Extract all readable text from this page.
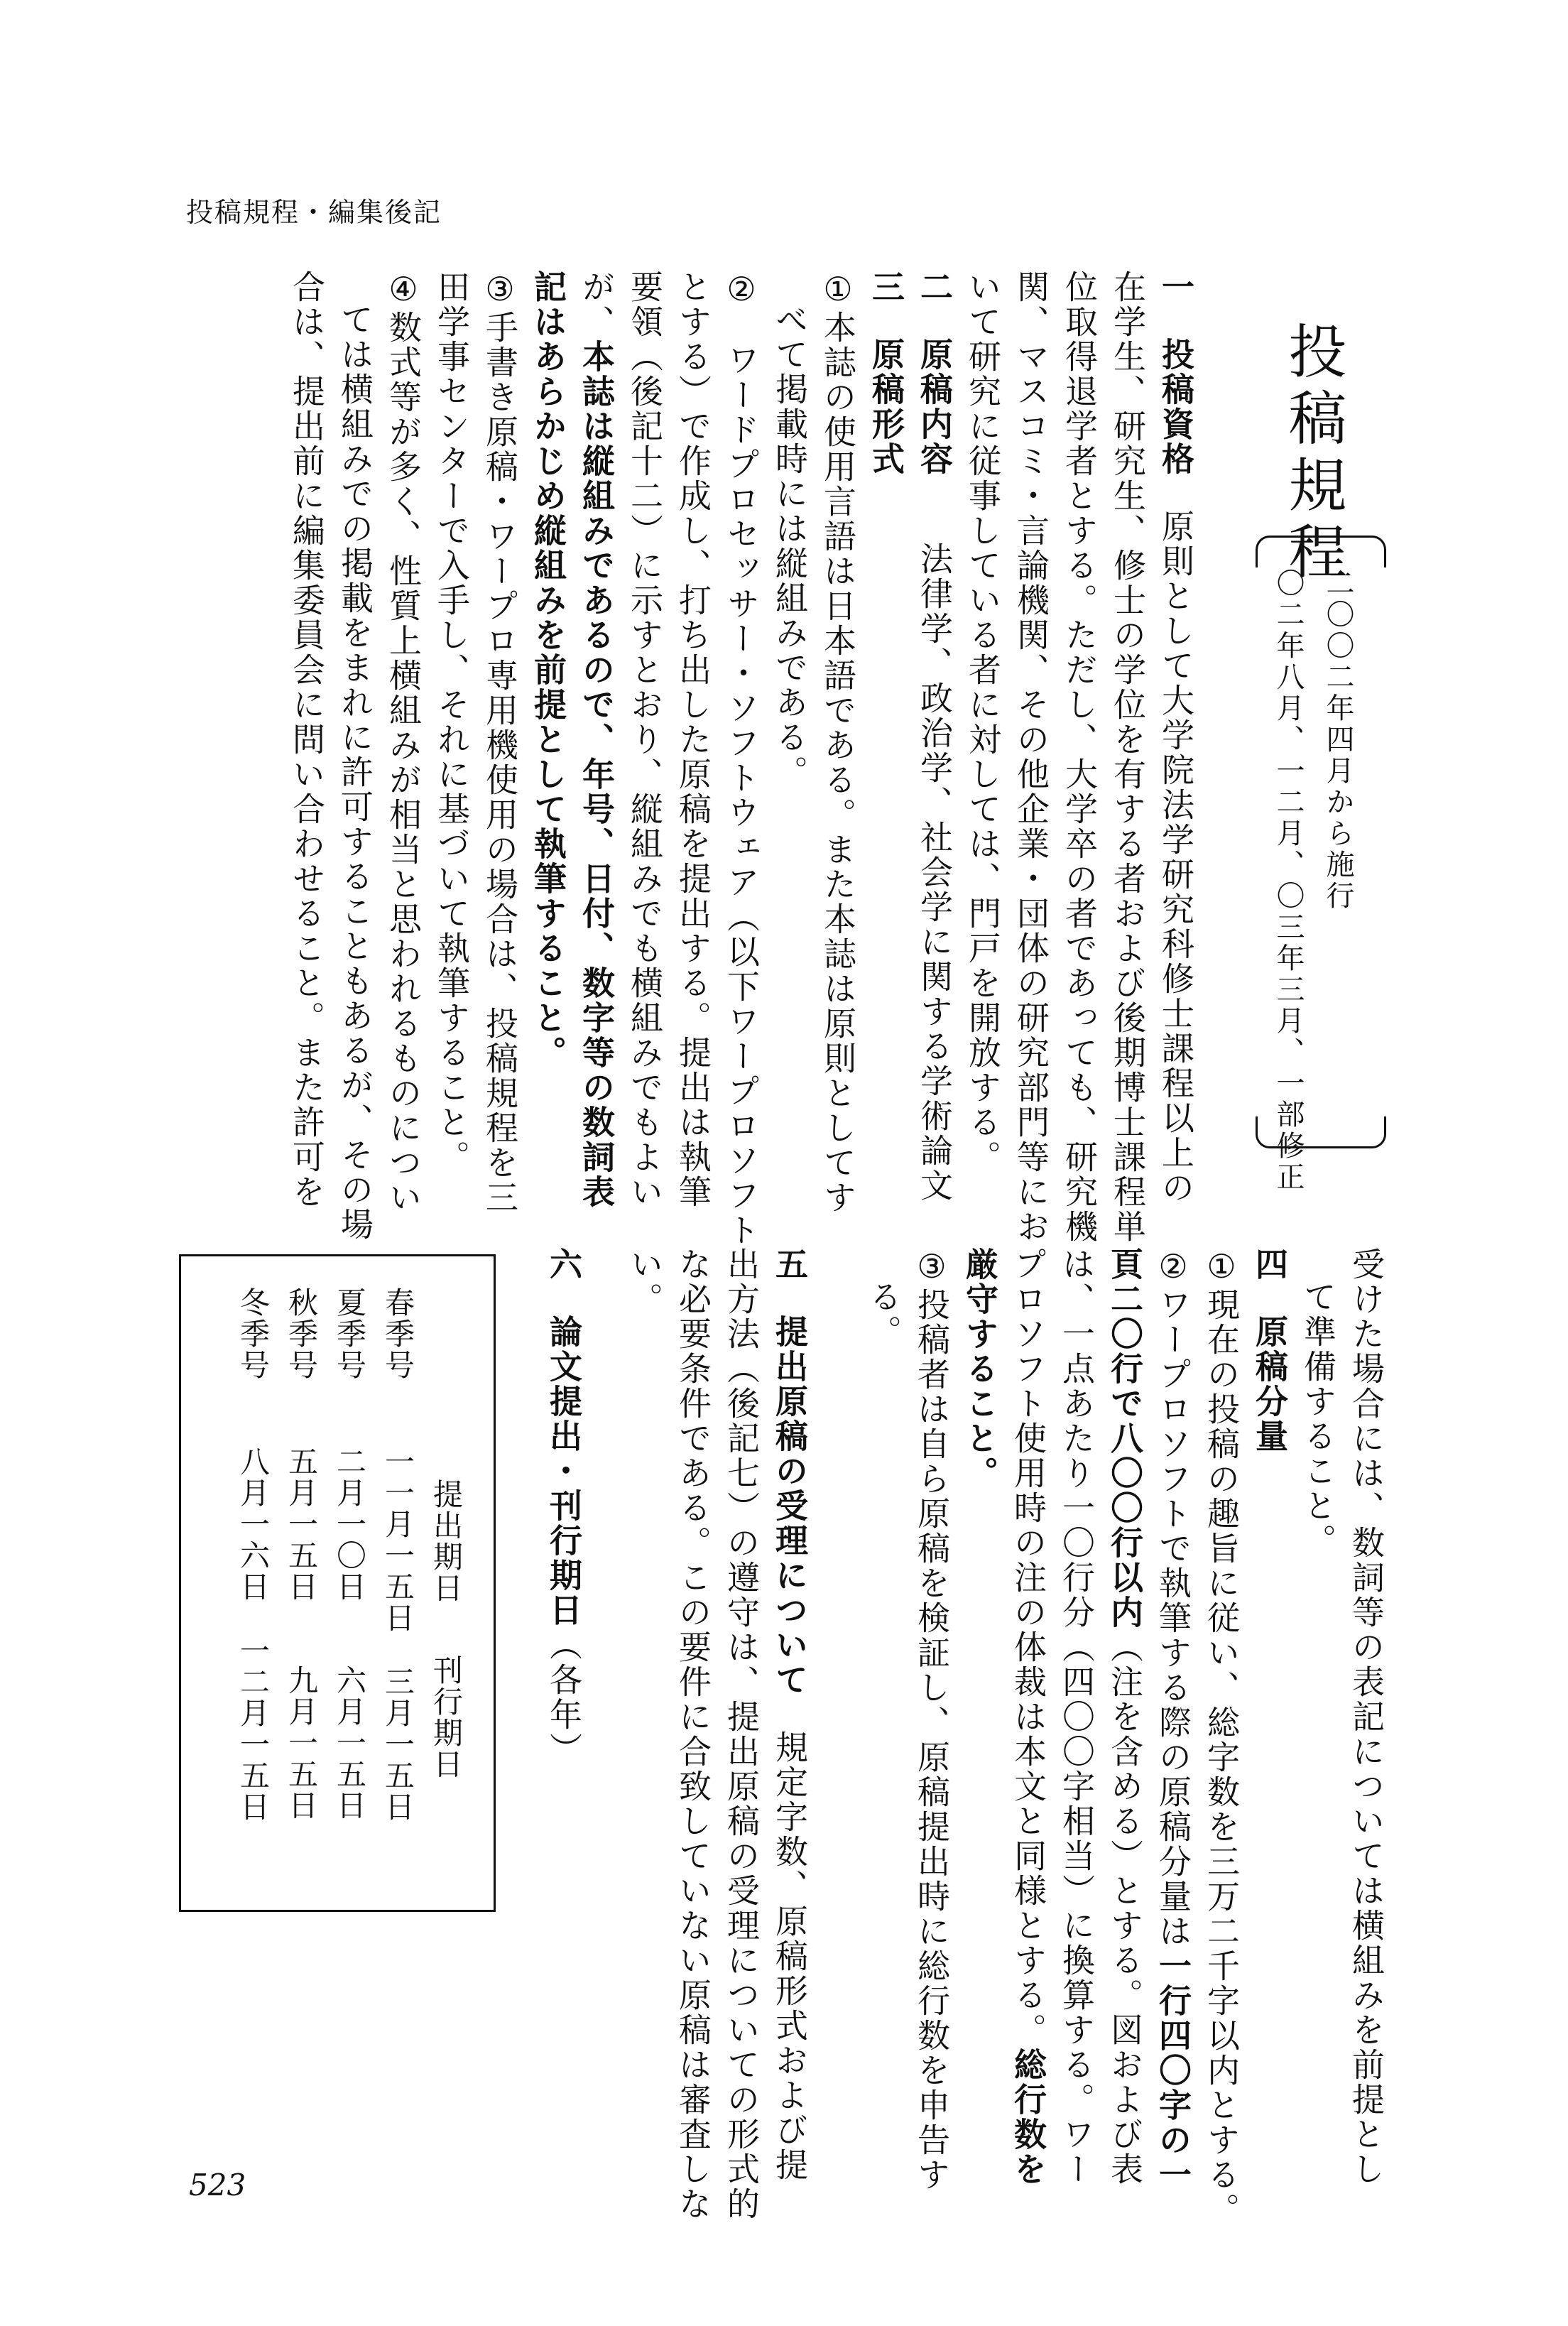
投稿規程・編集後記
投稿規程
二〇〇二年四月から施行
〇二年八月、一二月、〇三年三月、一部修正
一投稿資格原則として大学院法学研究科修士課程以上の
在学生、研究生、修士の学位を有する者および後期博士課程単
位取得退学者とする。ただし、大学卒の者であっても、研究機
関、マスコミ・言論機関、その他企業・団体の研究部門等にお
いて研究に従事している者に対しては、門戸を開放する。
二原稿内容法律学、政治学、社会学に関する学術論文
三原稿形式
①本誌の使用言語は日本語である。また本誌は原則としてす
べて掲載時には縦組みである。
②ワードプロセッサー・ソフトウェア（以下ワープロソフト
とする）で作成し、打ち出した原稿を提出する。提出は執筆
要領（後記十二）に示すとおり、縦組みでも横組みでもよい
が、本誌は縦組みであるので、年号、日付、数字等の数詞表
記はあらかじめ縦組みを前提として執筆すること。
③手書き原稿・ワープロ専用機使用の場合は、投稿規程を三
田学事センターで入手し、それに基づいて執筆すること。
④数式等が多く、性質上横組みが相当と思われるものについ
ては横組みでの掲載をまれに許可することもあるが、その場
合は、提出前に編集委員会に問い合わせること。また許可を
受けた場合には、数詞等の表記については横組みを前提とし
て準備すること。
四原稿分量
①現在の投稿の趣旨に従い、総字数を三万二千字以内とする。
②ワープロソフトで執筆する際の原稿分量は一行四〇字の一
頁二〇行で八〇〇行以内（注を含める）とする。図および表
は、一点あたり一〇行分（四〇〇字相当）に換算する。ワー
プロソフト使用時の注の体裁は本文と同様とする。総行数を
厳守すること。
③投稿者は自ら原稿を検証し、原稿提出時に総行数を申告す
る。
五提出原稿の受理について規定字数、原稿形式および提
出方法（後記七）の遵守は、提出原稿の受理についての形式的
な必要条件である。この要件に合致していない原稿は審査しな
い。
六論文提出・刊行期日（各年）
提出期日刊行期日
春季号一一月一五日三月一五日
夏季号二月一〇日六月一五日
秋季号五月一五日九月一五日
冬季号八月一六日一二月一五日
523
